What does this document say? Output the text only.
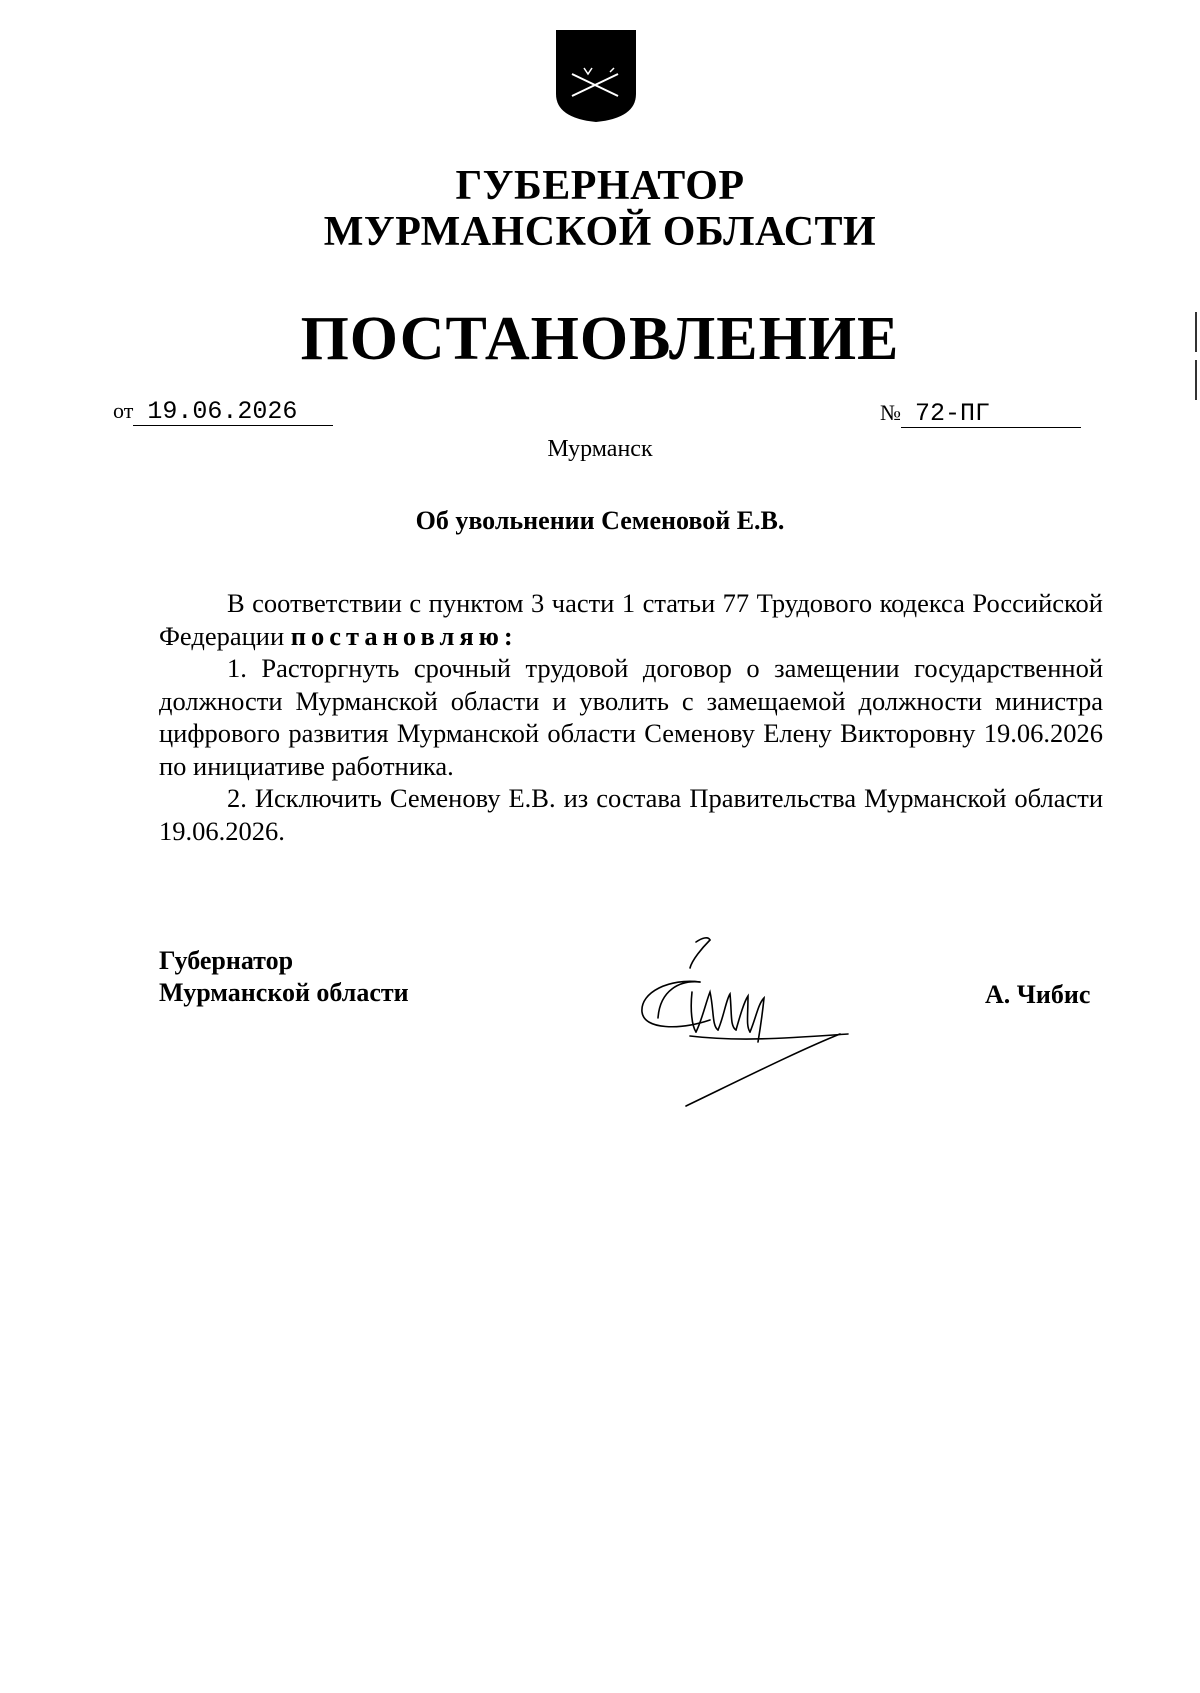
ГУБЕРНАТОР
МУРМАНСКОЙ ОБЛАСТИ
ПОСТАНОВЛЕНИЕ
от 19.06.2026	№ 72-ПГ
Мурманск
Об увольнении Семеновой Е.В.

В соответствии с пунктом 3 части 1 статьи 77 Трудового кодекса Российской Федерации постановляю:

1. Расторгнуть срочный трудовой договор о замещении государственной должности Мурманской области и уволить с замещаемой должности министра цифрового развития Мурманской области Семенову Елену Викторовну 19.06.2026 по инициативе работника.

2. Исключить Семенову Е.В. из состава Правительства Мурманской области 19.06.2026.

Губернатор
Мурманской области	А. Чибис
